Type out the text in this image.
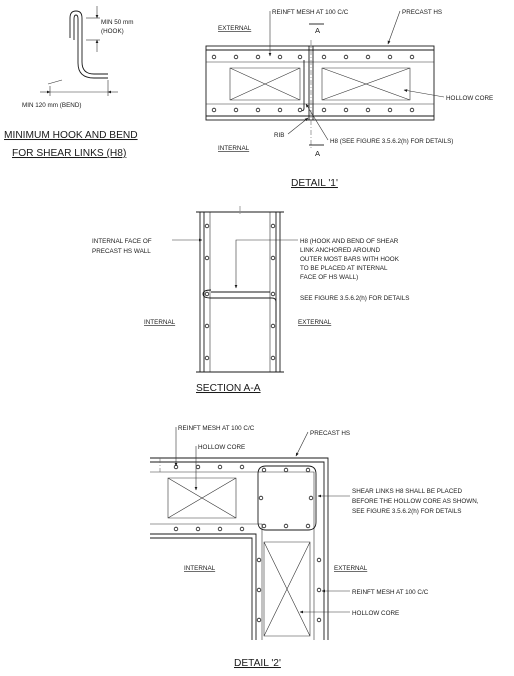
MIN 50 mm
(HOOK)
MIN 120 mm (BEND)
MINIMUM HOOK AND BEND
FOR SHEAR LINKS (H8)
A
A
EXTERNAL
REINFT MESH AT 100 C/C	PRECAST HS
HOLLOW CORE
RIB
H8 (SEE FIGURE 3.5.6.2(h) FOR DETAILS)
INTERNAL
DETAIL '1'
INTERNAL FACE OF
PRECAST HS WALL
H8 (HOOK AND BEND OF SHEAR
LINK ANCHORED AROUND
OUTER MOST BARS WITH HOOK
TO BE PLACED AT INTERNAL
FACE OF HS WALL)
SEE FIGURE 3.5.6.2(h) FOR DETAILS
INTERNAL	EXTERNAL
SECTION A-A
REINFT MESH AT 100 C/C
PRECAST HS
HOLLOW CORE
SHEAR LINKS H8 SHALL BE PLACED
BEFORE THE HOLLOW CORE AS SHOWN,
SEE FIGURE 3.5.6.2(h) FOR DETAILS
INTERNAL	EXTERNAL
REINFT MESH AT 100 C/C
HOLLOW CORE
DETAIL '2'
